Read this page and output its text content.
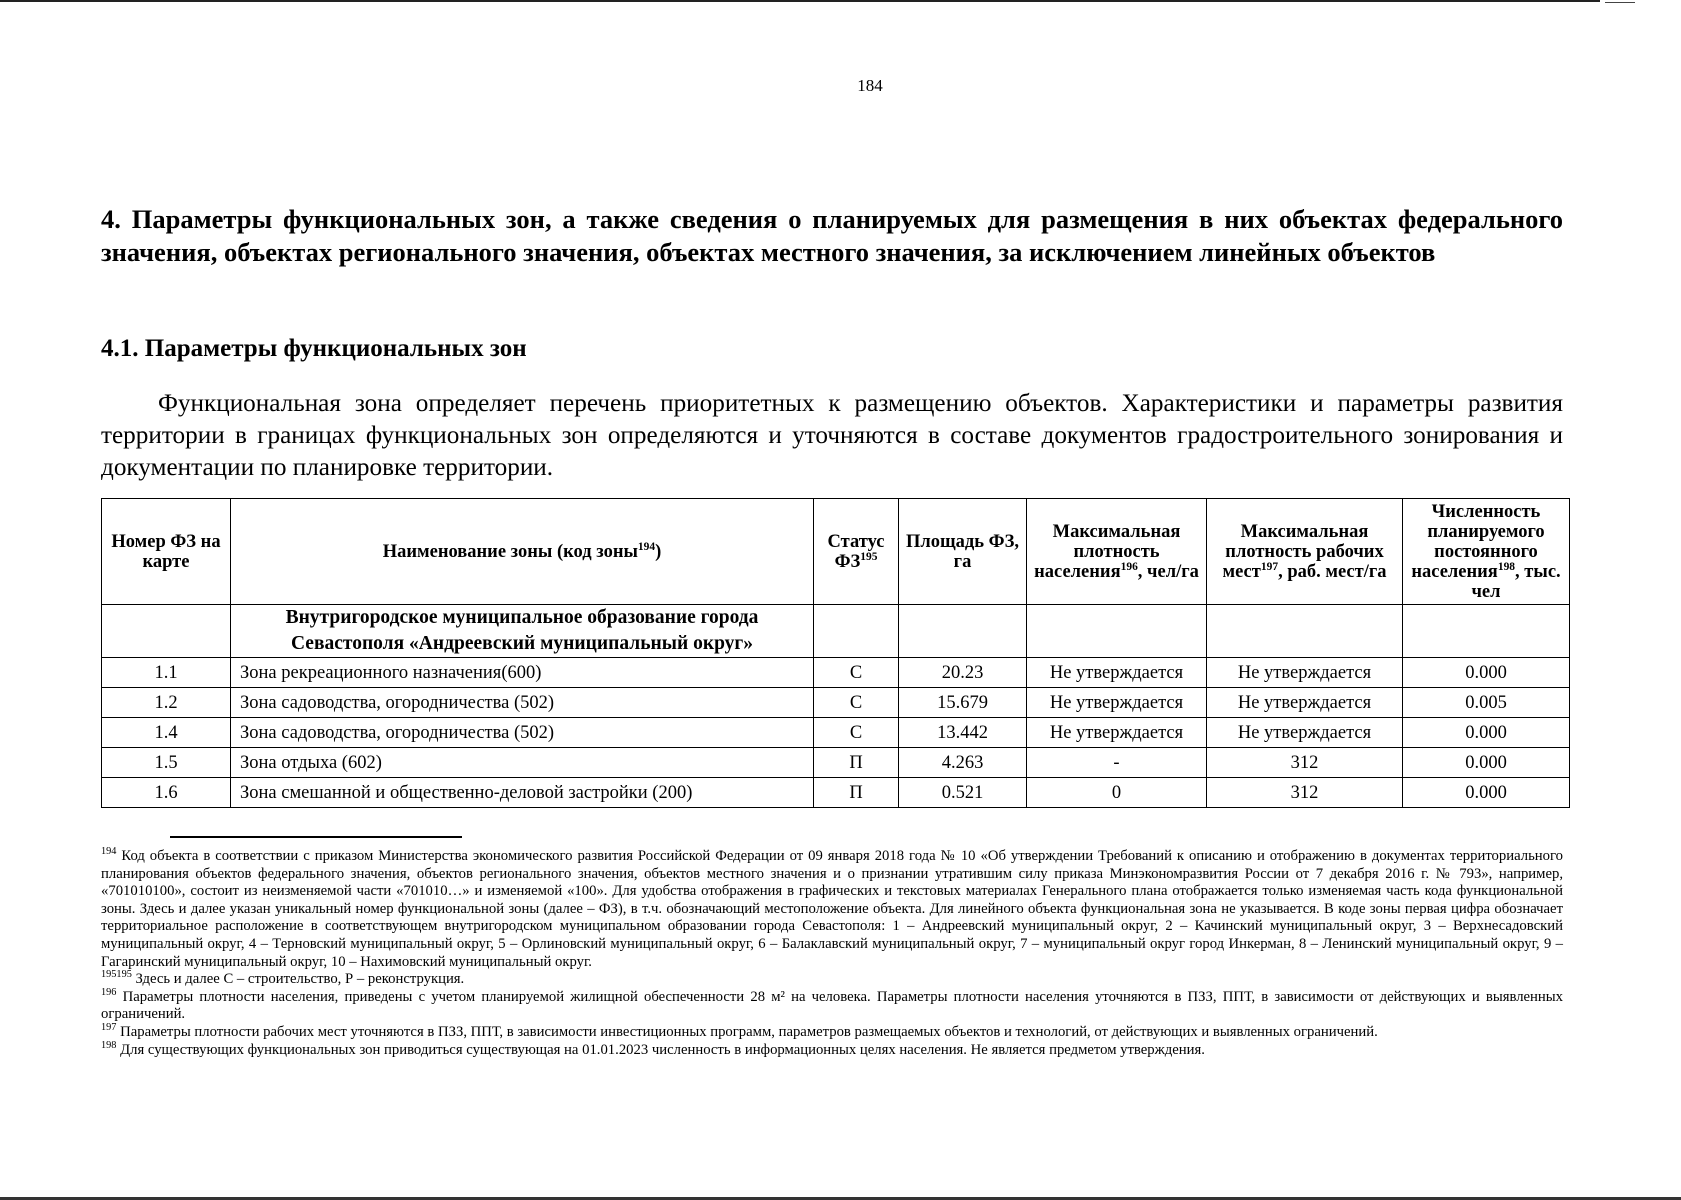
184
4. Параметры функциональных зон, а также сведения о планируемых для размещения в них объектах федерального значения, объектах регионального значения, объектах местного значения, за исключением линейных объектов
4.1. Параметры функциональных зон

Функциональная зона определяет перечень приоритетных к размещению объектов. Характеристики и параметры развития территории в границах функциональных зон определяются и уточняются в составе документов градостроительного зонирования и документации по планировке территории.

Номер ФЗ на карте	Наименование зоны (код зоны$^{194}$)	Статус ФЗ$^{195}$	Площадь ФЗ, га	Максимальная плотность населения$^{196}$, чел/га	Максимальная плотность рабочих мест$^{197}$, раб. мест/га	Численность планируемого постоянного населения$^{198}$, тыс. чел
	Внутригородское муниципальное образование города Севастополя «Андреевский муниципальный округ»					
1.1	Зона рекреационного назначения(600)	С	20.23	Не утверждается	Не утверждается	0.000
1.2	Зона садоводства, огородничества (502)	С	15.679	Не утверждается	Не утверждается	0.005
1.4	Зона садоводства, огородничества (502)	С	13.442	Не утверждается	Не утверждается	0.000
1.5	Зона отдыха (602)	П	4.263	-	312	0.000
1.6	Зона смешанной и общественно-деловой застройки (200)	П	0.521	0	312	0.000

$^{194}$ Код объекта в соответствии с приказом Министерства экономического развития Российской Федерации от 09 января 2018 года № 10 «Об утверждении Требований к описанию и отображению в документах территориального планирования объектов федерального значения, объектов регионального значения, объектов местного значения и о признании утратившим силу приказа Минэкономразвития России от 7 декабря 2016 г. № 793», например, «701010100», состоит из неизменяемой части «701010…» и изменяемой «100». Для удобства отображения в графических и текстовых материалах Генерального плана отображается только изменяемая часть кода функциональной зоны. Здесь и далее указан уникальный номер функциональной зоны (далее – ФЗ), в т.ч. обозначающий местоположение объекта. Для линейного объекта функциональная зона не указывается. В коде зоны первая цифра обозначает территориальное расположение в соответствующем внутригородском муниципальном образовании города Севастополя: 1 – Андреевский муниципальный округ, 2 – Качинский муниципальный округ, 3 – Верхнесадовский муниципальный округ, 4 – Терновский муниципальный округ, 5 – Орлиновский муниципальный округ, 6 – Балаклавский муниципальный округ, 7 – муниципальный округ город Инкерман, 8 – Ленинский муниципальный округ, 9 – Гагаринский муниципальный округ, 10 – Нахимовский муниципальный округ.

$^{195195}$ Здесь и далее С – строительство, Р – реконструкция.

$^{196}$ Параметры плотности населения, приведены с учетом планируемой жилищной обеспеченности 28 м² на человека. Параметры плотности населения уточняются в ПЗЗ, ППТ, в зависимости от действующих и выявленных ограничений.

$^{197}$ Параметры плотности рабочих мест уточняются в ПЗЗ, ППТ, в зависимости инвестиционных программ, параметров размещаемых объектов и технологий, от действующих и выявленных ограничений.

$^{198}$ Для существующих функциональных зон приводиться существующая на 01.01.2023 численность в информационных целях населения. Не является предметом утверждения.
